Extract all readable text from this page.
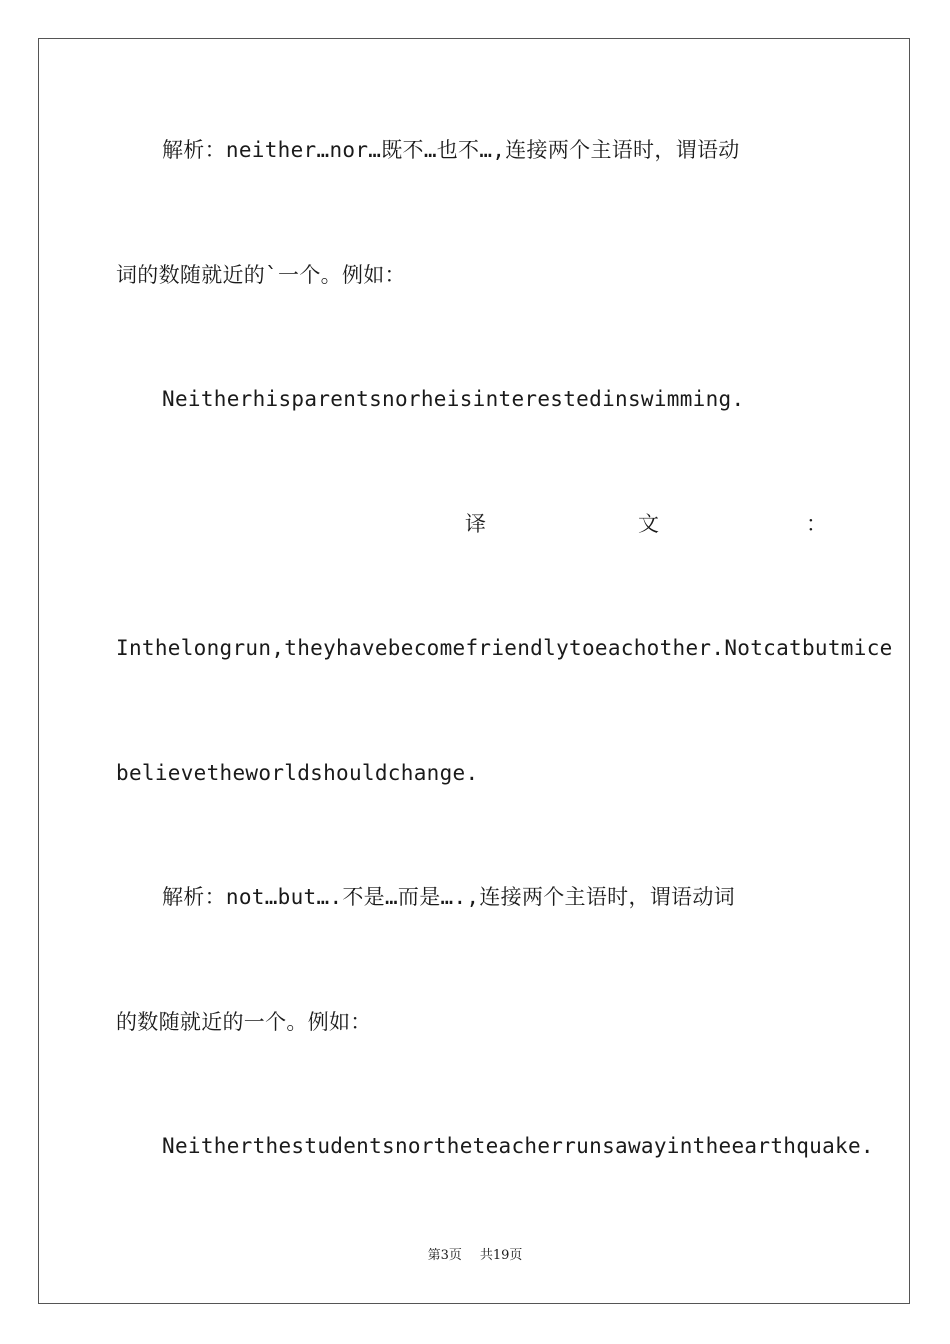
解析：neither…nor…既不…也不…,连接两个主语时，谓语动
词的数随就近的`一个。例如：
Neitherhisparentsnorheisinterestedinswimming.
译	文	：
Inthelongrun,theyhavebecomefriendlytoeachother.Notcatbutmice
believetheworldshouldchange.
解析：not…but….不是…而是….,连接两个主语时，谓语动词
的数随就近的一个。例如：
Neitherthestudentsnortheteacherrunsawayintheearthquake.
第3页 共19页
